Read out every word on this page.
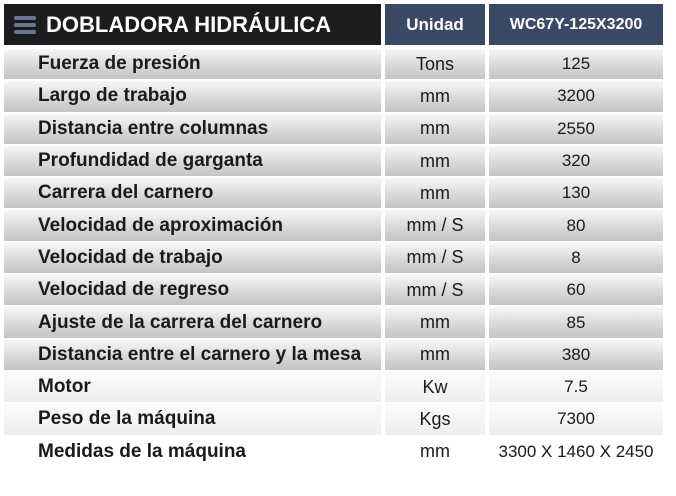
DOBLADORA HIDRÁULICA	Unidad	WC67Y-125X3200
Fuerza de presión	Tons	125
Largo de trabajo	mm	3200
Distancia entre columnas	mm	2550
Profundidad de garganta	mm	320
Carrera del carnero	mm	130
Velocidad de aproximación	mm / S	80
Velocidad de trabajo	mm / S	8
Velocidad de regreso	mm / S	60
Ajuste de la carrera del carnero	mm	85
Distancia entre el carnero y la mesa	mm	380
Motor	Kw	7.5
Peso de la máquina	Kgs	7300
Medidas de la máquina	mm	3300 X 1460 X 2450
